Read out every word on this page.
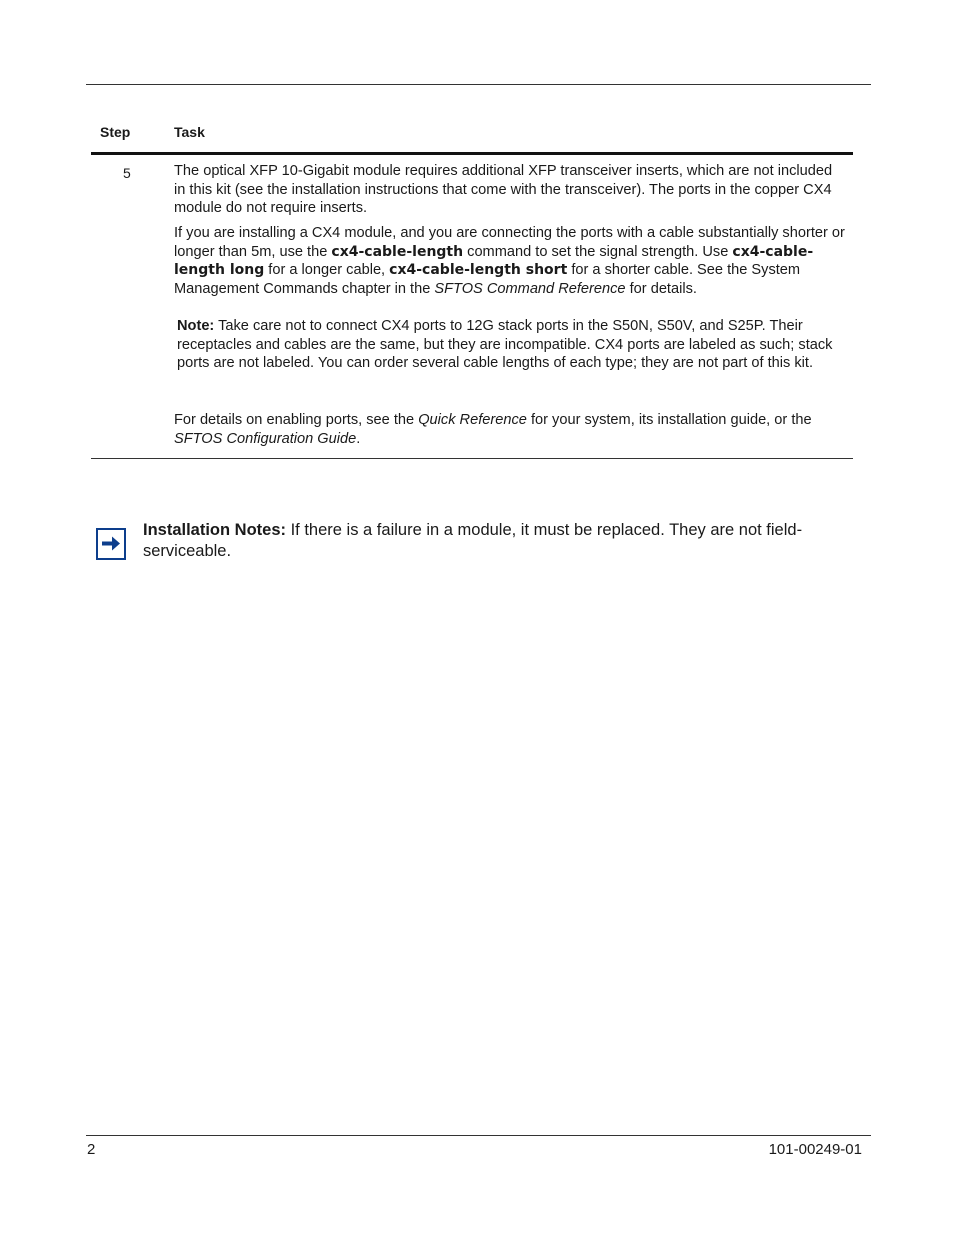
Step	Task
5	The optical XFP 10-Gigabit module requires additional XFP transceiver inserts, which are not included in this kit (see the installation instructions that come with the transceiver). The ports in the copper CX4 module do not require inserts.
If you are installing a CX4 module, and you are connecting the ports with a cable substantially shorter or longer than 5m, use the cx4-cable-length command to set the signal strength. Use cx4-cable-length long for a longer cable, cx4-cable-length short for a shorter cable. See the System Management Commands chapter in the SFTOS Command Reference for details.
Note: Take care not to connect CX4 ports to 12G stack ports in the S50N, S50V, and S25P. Their receptacles and cables are the same, but they are incompatible. CX4 ports are labeled as such; stack ports are not labeled. You can order several cable lengths of each type; they are not part of this kit.
For details on enabling ports, see the Quick Reference for your system, its installation guide, or the SFTOS Configuration Guide.
Installation Notes: If there is a failure in a module, it must be replaced. They are not field-serviceable.
2	101-00249-01
